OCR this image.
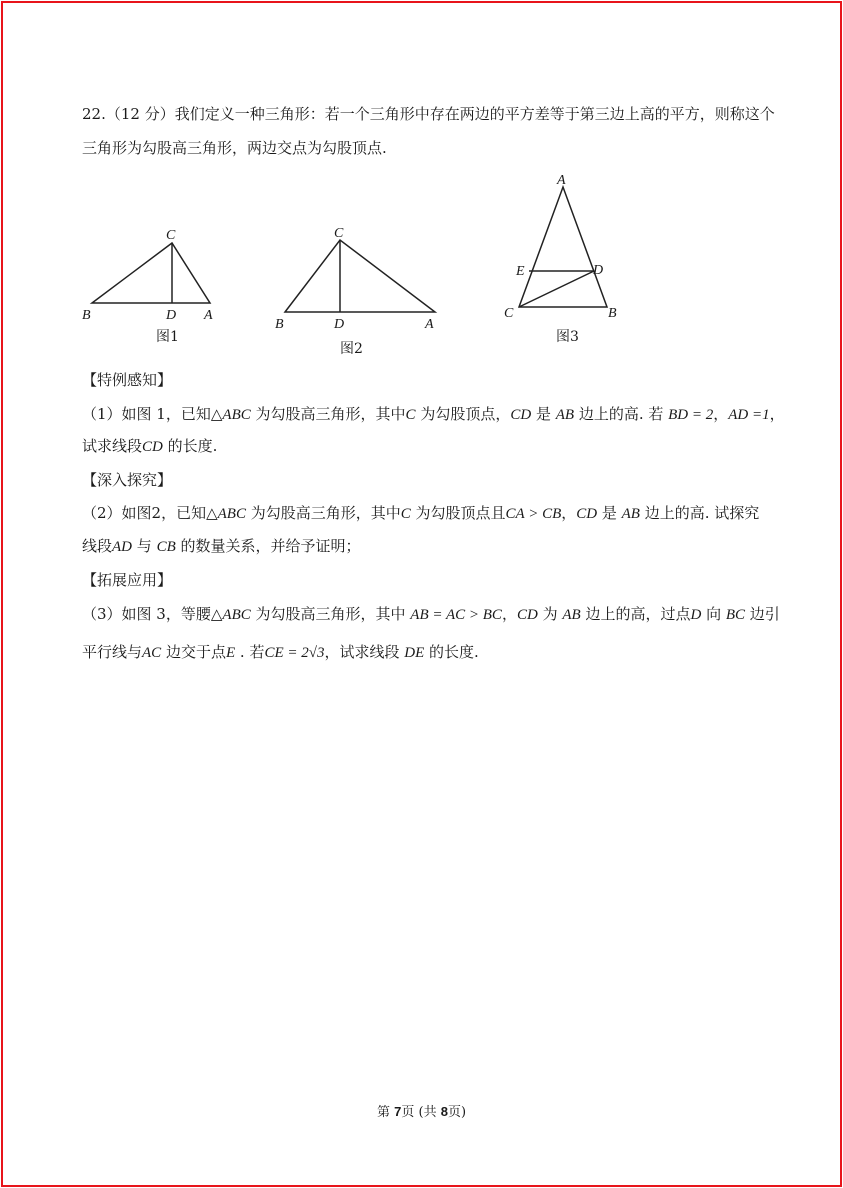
22.（12 分）我们定义一种三角形：若一个三角形中存在两边的平方差等于第三边上高的平方，则称这个
三角形为勾股高三角形，两边交点为勾股顶点.
C
B	D A
图1
C
B	D	A
图2
A
E	D
C	B
图3
【特例感知】
（1）如图 1，已知△ABC 为勾股高三角形，其中C 为勾股顶点，CD 是 AB 边上的高. 若 BD = 2，AD =1，
试求线段CD 的长度.
【深入探究】
（2）如图2，已知△ABC 为勾股高三角形，其中C 为勾股顶点且CA > CB，CD 是 AB 边上的高. 试探究
线段AD 与 CB 的数量关系，并给予证明；
【拓展应用】
（3）如图 3，等腰△ABC 为勾股高三角形，其中 AB = AC > BC，CD 为 AB 边上的高，过点D 向 BC 边引
平行线与AC 边交于点E . 若CE = 2√3，试求线段 DE 的长度.
第 7页 (共 8页)
